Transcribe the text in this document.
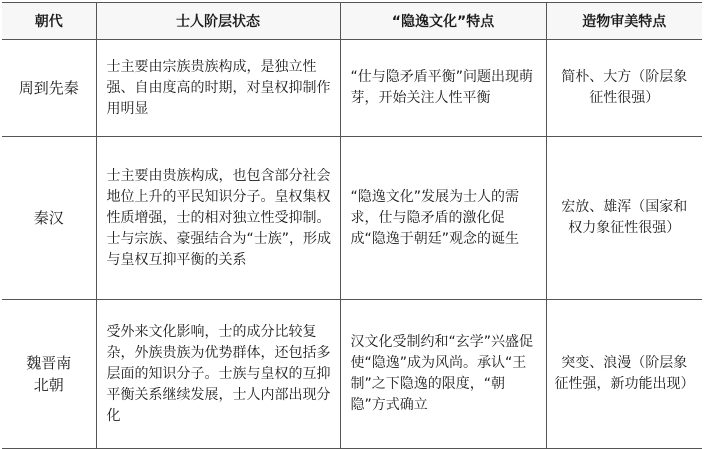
朝代	士人阶层状态	“隐逸文化”特点	造物审美特点

周到先秦	士主要由宗族贵族构成，是独立性强、自由度高的时期，对皇权抑制作用明显	“仕与隐矛盾平衡”问题出现萌芽，开始关注人性平衡	简朴、大方（阶层象征性很强）

秦汉	士主要由贵族构成，也包含部分社会地位上升的平民知识分子。皇权集权性质增强，士的相对独立性受抑制。士与宗族、豪强结合为“士族”，形成与皇权互抑平衡的关系	“隐逸文化”发展为士人的需求，仕与隐矛盾的激化促成“隐逸于朝廷”观念的诞生	宏放、雄浑（国家和权力象征性很强）

魏晋南北朝	受外来文化影响，士的成分比较复杂，外族贵族为优势群体，还包括多层面的知识分子。士族与皇权的互抑平衡关系继续发展，士人内部出现分化	汉文化受制约和“玄学”兴盛促使“隐逸”成为风尚。承认“王制”之下隐逸的限度，“朝隐”方式确立	突变、浪漫（阶层象征性强，新功能出现）
